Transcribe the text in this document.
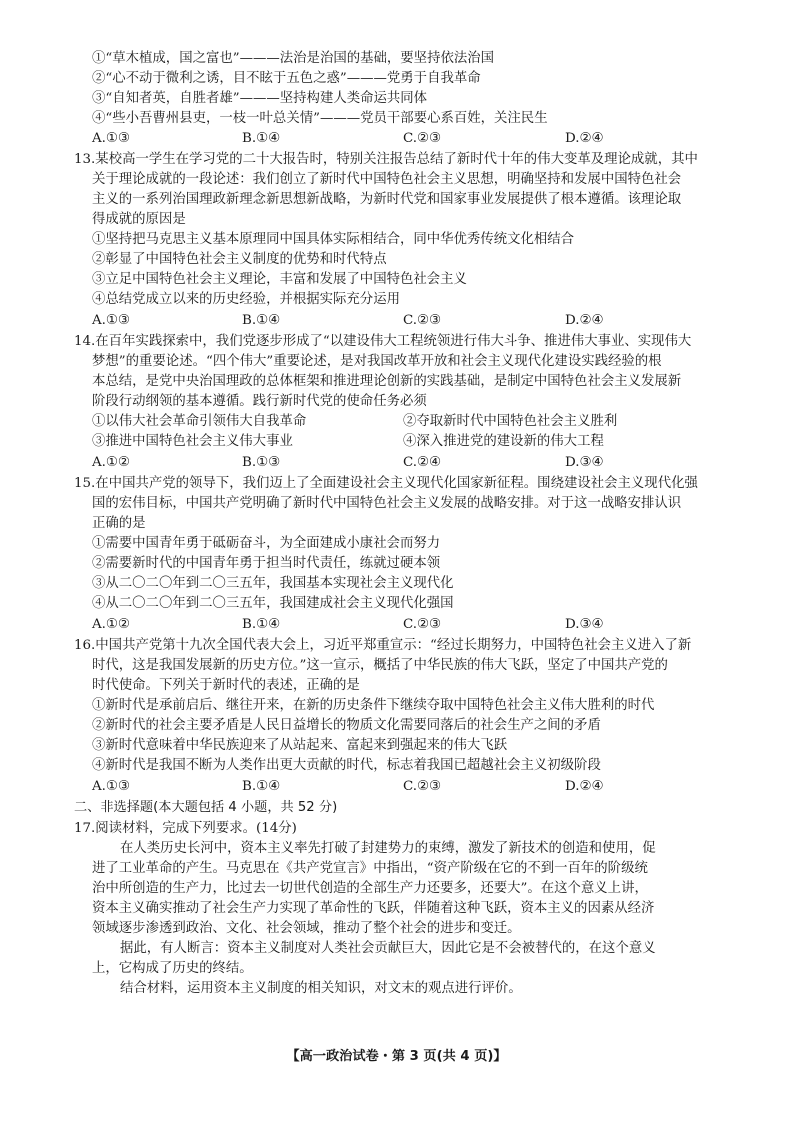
①“草木植成，国之富也”———法治是治国的基础，要坚持依法治国
②“心不动于微利之诱，目不眩于五色之惑”———党勇于自我革命
③“自知者英，自胜者雄”———坚持构建人类命运共同体
④“些小吾曹州县吏，一枝一叶总关情”———党员干部要心系百姓，关注民生
A.①③	B.①④	C.②③	D.②④
13.某校高一学生在学习党的二十大报告时，特别关注报告总结了新时代十年的伟大变革及理论成就，其中
关于理论成就的一段论述：我们创立了新时代中国特色社会主义思想，明确坚持和发展中国特色社会
主义的一系列治国理政新理念新思想新战略，为新时代党和国家事业发展提供了根本遵循。该理论取
得成就的原因是
①坚持把马克思主义基本原理同中国具体实际相结合，同中华优秀传统文化相结合
②彰显了中国特色社会主义制度的优势和时代特点
③立足中国特色社会主义理论，丰富和发展了中国特色社会主义
④总结党成立以来的历史经验，并根据实际充分运用
A.①③	B.①④	C.②③	D.②④
14.在百年实践探索中，我们党逐步形成了“以建设伟大工程统领进行伟大斗争、推进伟大事业、实现伟大
梦想”的重要论述。“四个伟大”重要论述，是对我国改革开放和社会主义现代化建设实践经验的根
本总结，是党中央治国理政的总体框架和推进理论创新的实践基础，是制定中国特色社会主义发展新
阶段行动纲领的基本遵循。践行新时代党的使命任务必须
①以伟大社会革命引领伟大自我革命	②夺取新时代中国特色社会主义胜利
③推进中国特色社会主义伟大事业	④深入推进党的建设新的伟大工程
A.①②	B.①③	C.②④	D.③④
15.在中国共产党的领导下，我们迈上了全面建设社会主义现代化国家新征程。围绕建设社会主义现代化强
国的宏伟目标，中国共产党明确了新时代中国特色社会主义发展的战略安排。对于这一战略安排认识
正确的是
①需要中国青年勇于砥砺奋斗，为全面建成小康社会而努力
②需要新时代的中国青年勇于担当时代责任，练就过硬本领
③从二〇二〇年到二〇三五年，我国基本实现社会主义现代化
④从二〇二〇年到二〇三五年，我国建成社会主义现代化强国
A.①②	B.①④	C.②③	D.③④
16.中国共产党第十九次全国代表大会上，习近平郑重宣示：“经过长期努力，中国特色社会主义进入了新
时代，这是我国发展新的历史方位。”这一宣示，概括了中华民族的伟大飞跃，坚定了中国共产党的
时代使命。下列关于新时代的表述，正确的是
①新时代是承前启后、继往开来，在新的历史条件下继续夺取中国特色社会主义伟大胜利的时代
②新时代的社会主要矛盾是人民日益增长的物质文化需要同落后的社会生产之间的矛盾
③新时代意味着中华民族迎来了从站起来、富起来到强起来的伟大飞跃
④新时代是我国不断为人类作出更大贡献的时代，标志着我国已超越社会主义初级阶段
A.①③	B.①④	C.②③	D.②④
二、非选择题(本大题包括 4 小题，共 52 分)
17.阅读材料，完成下列要求。(14分)
在人类历史长河中，资本主义率先打破了封建势力的束缚，激发了新技术的创造和使用，促
进了工业革命的产生。马克思在《共产党宣言》中指出，“资产阶级在它的不到一百年的阶级统
治中所创造的生产力，比过去一切世代创造的全部生产力还要多，还要大”。在这个意义上讲，
资本主义确实推动了社会生产力实现了革命性的飞跃，伴随着这种飞跃，资本主义的因素从经济
领域逐步渗透到政治、文化、社会领域，推动了整个社会的进步和变迁。
据此，有人断言：资本主义制度对人类社会贡献巨大，因此它是不会被替代的，在这个意义
上，它构成了历史的终结。
结合材料，运用资本主义制度的相关知识，对文末的观点进行评价。
【高一政治试卷・第 3 页(共 4 页)】
